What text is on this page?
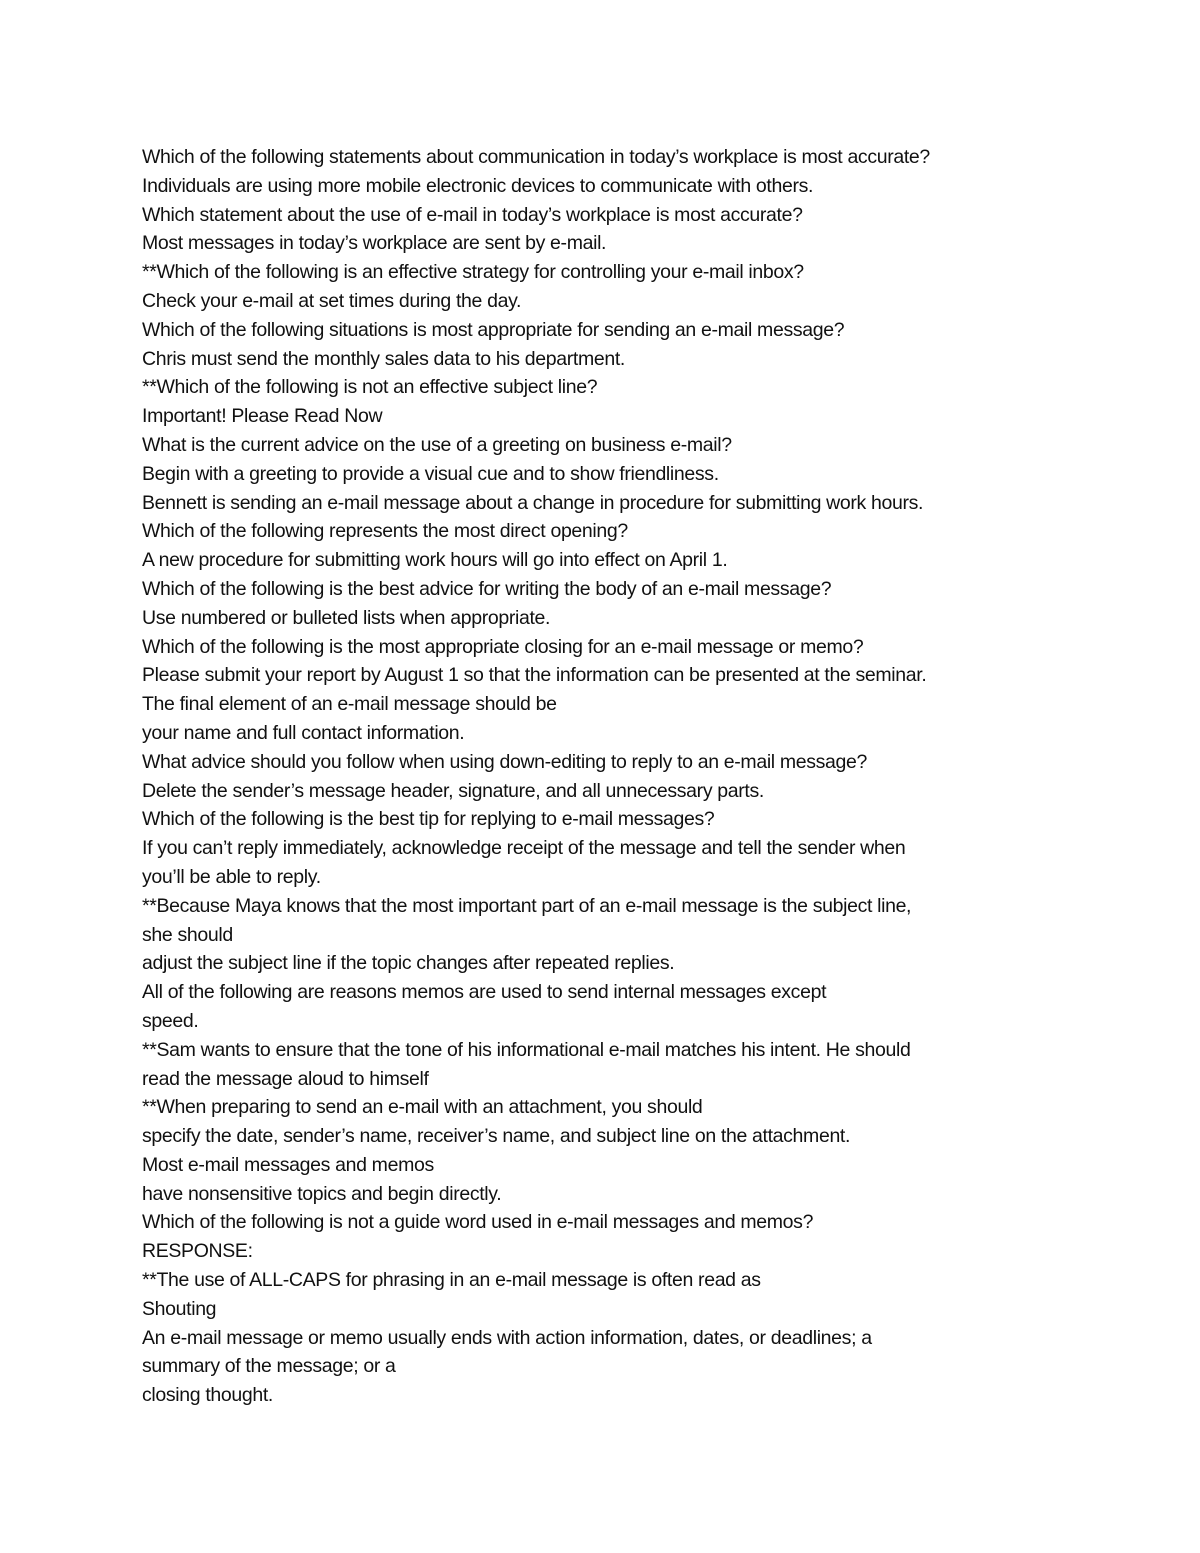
Which of the following statements about communication in today’s workplace is most accurate?
Individuals are using more mobile electronic devices to communicate with others.
Which statement about the use of e-mail in today’s workplace is most accurate?
Most messages in today’s workplace are sent by e-mail.
**Which of the following is an effective strategy for controlling your e-mail inbox?
Check your e-mail at set times during the day.
Which of the following situations is most appropriate for sending an e-mail message?
Chris must send the monthly sales data to his department.
**Which of the following is not an effective subject line?
Important! Please Read Now
What is the current advice on the use of a greeting on business e-mail?
Begin with a greeting to provide a visual cue and to show friendliness.
Bennett is sending an e-mail message about a change in procedure for submitting work hours.
Which of the following represents the most direct opening?
A new procedure for submitting work hours will go into effect on April 1.
Which of the following is the best advice for writing the body of an e-mail message?
Use numbered or bulleted lists when appropriate.
Which of the following is the most appropriate closing for an e-mail message or memo?
Please submit your report by August 1 so that the information can be presented at the seminar.
The final element of an e-mail message should be
your name and full contact information.
What advice should you follow when using down-editing to reply to an e-mail message?
Delete the sender’s message header, signature, and all unnecessary parts.
Which of the following is the best tip for replying to e-mail messages?
If you can’t reply immediately, acknowledge receipt of the message and tell the sender when
you’ll be able to reply.
**Because Maya knows that the most important part of an e-mail message is the subject line,
she should
adjust the subject line if the topic changes after repeated replies.
All of the following are reasons memos are used to send internal messages except
speed.
**Sam wants to ensure that the tone of his informational e-mail matches his intent. He should
read the message aloud to himself
**When preparing to send an e-mail with an attachment, you should
specify the date, sender’s name, receiver’s name, and subject line on the attachment.
Most e-mail messages and memos
have nonsensitive topics and begin directly.
Which of the following is not a guide word used in e-mail messages and memos?
RESPONSE:
**The use of ALL-CAPS for phrasing in an e-mail message is often read as
Shouting
An e-mail message or memo usually ends with action information, dates, or deadlines; a
summary of the message; or a
closing thought.
